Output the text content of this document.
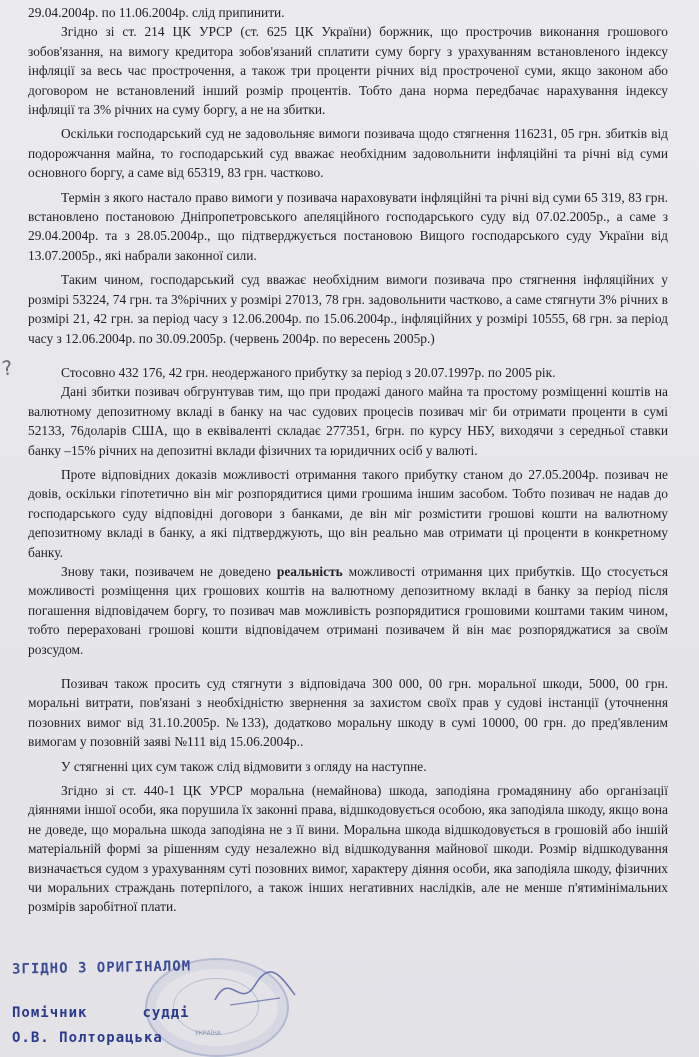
29.04.2004р. по 11.06.2004р. слід припинити.

Згідно зі ст. 214 ЦК УРСР (ст. 625 ЦК України) боржник, що прострочив виконання грошового зобов'язання, на вимогу кредитора зобов'язаний сплатити суму боргу з урахуванням встановленого індексу інфляції за весь час прострочення, а також три проценти річних від простроченої суми, якщо законом або договором не встановлений інший розмір процентів. Тобто дана норма передбачає нарахування індексу інфляції та 3% річних на суму боргу, а не на збитки.

Оскільки господарський суд не задовольняє вимоги позивача щодо стягнення 116231, 05 грн. збитків від подорожчання майна, то господарський суд вважає необхідним задовольнити інфляційні та річні від суми основного боргу, а саме від 65319, 83 грн. частково.

Термін з якого настало право вимоги у позивача нараховувати інфляційні та річні від суми 65 319, 83 грн. встановлено постановою Дніпропетровського апеляційного господарського суду від 07.02.2005р., а саме з 29.04.2004р. та з 28.05.2004р., що підтверджується постановою Вищого господарського суду України від 13.07.2005р., які набрали законної сили.

Таким чином, господарський суд вважає необхідним вимоги позивача про стягнення інфляційних у розмірі 53224, 74 грн. та 3%річних у розмірі 27013, 78 грн. задовольнити частково, а саме стягнути 3% річних в розмірі 21, 42 грн. за період часу з 12.06.2004р. по 15.06.2004р., інфляційних у розмірі 10555, 68 грн. за період часу з 12.06.2004р. по 30.09.2005р. (червень 2004р. по вересень 2005р.)

Стосовно 432 176, 42 грн. неодержаного прибутку за період з 20.07.1997р. по 2005 рік.

Дані збитки позивач обгрунтував тим, що при продажі даного майна та простому розміщенні коштів на валютному депозитному вкладі в банку на час судових процесів позивач міг би отримати проценти в сумі 52133, 76доларів США, що в еквіваленті складає 277351, 6грн. по курсу НБУ, виходячи з середньої ставки банку –15% річних на депозитні вклади фізичних та юридичних осіб у валюті.

Проте відповідних доказів можливості отримання такого прибутку станом до 27.05.2004р. позивач не довів, оскільки гіпотетично він міг розпорядитися цими грошима іншим засобом. Тобто позивач не надав до господарського суду відповідні договори з банками, де він міг розмістити грошові кошти на валютному депозитному вкладі в банку, а які підтверджують, що він реально мав отримати ці проценти в конкретному банку.

Знову таки, позивачем не доведено реальність можливості отримання цих прибутків. Що стосується можливості розміщення цих грошових коштів на валютному депозитному вкладі в банку за період після погашення відповідачем боргу, то позивач мав можливість розпорядитися грошовими коштами таким чином, тобто перераховані грошові кошти відповідачем отримані позивачем й він має розпоряджатися за своїм розсудом.

Позивач також просить суд стягнути з відповідача 300 000, 00 грн. моральної шкоди, 5000, 00 грн. моральні витрати, пов'язані з необхідністю звернення за захистом своїх прав у судові інстанції (уточнення позовних вимог від 31.10.2005р. №133), додатково моральну шкоду в сумі 10000, 00 грн. до пред'явленим вимогам у позовній заяві №111 від 15.06.2004р..

У стягненні цих сум також слід відмовити з огляду на наступне.

Згідно зі ст. 440-1 ЦК УРСР моральна (немайнова) шкода, заподіяна громадянину або організації діяннями іншої особи, яка порушила їх законні права, відшкодовується особою, яка заподіяла шкоду, якщо вона не доведе, що моральна шкода заподіяна не з її вини. Моральна шкода відшкодовується в грошовій або іншій матеріальній формі за рішенням суду незалежно від відшкодування майнової шкоди. Розмір відшкодування визначається судом з урахуванням суті позовних вимог, характеру діяння особи, яка заподіяла шкоду, фізичних чи моральних страждань потерпілого, а також інших негативних наслідків, але не менше п'ятимінімальних розмірів заробітної плати.

?
УКРАЇНА
ЗГІДНО З ОРИГІНАЛОМ
Помічник	судді
О.В. Полторацька
